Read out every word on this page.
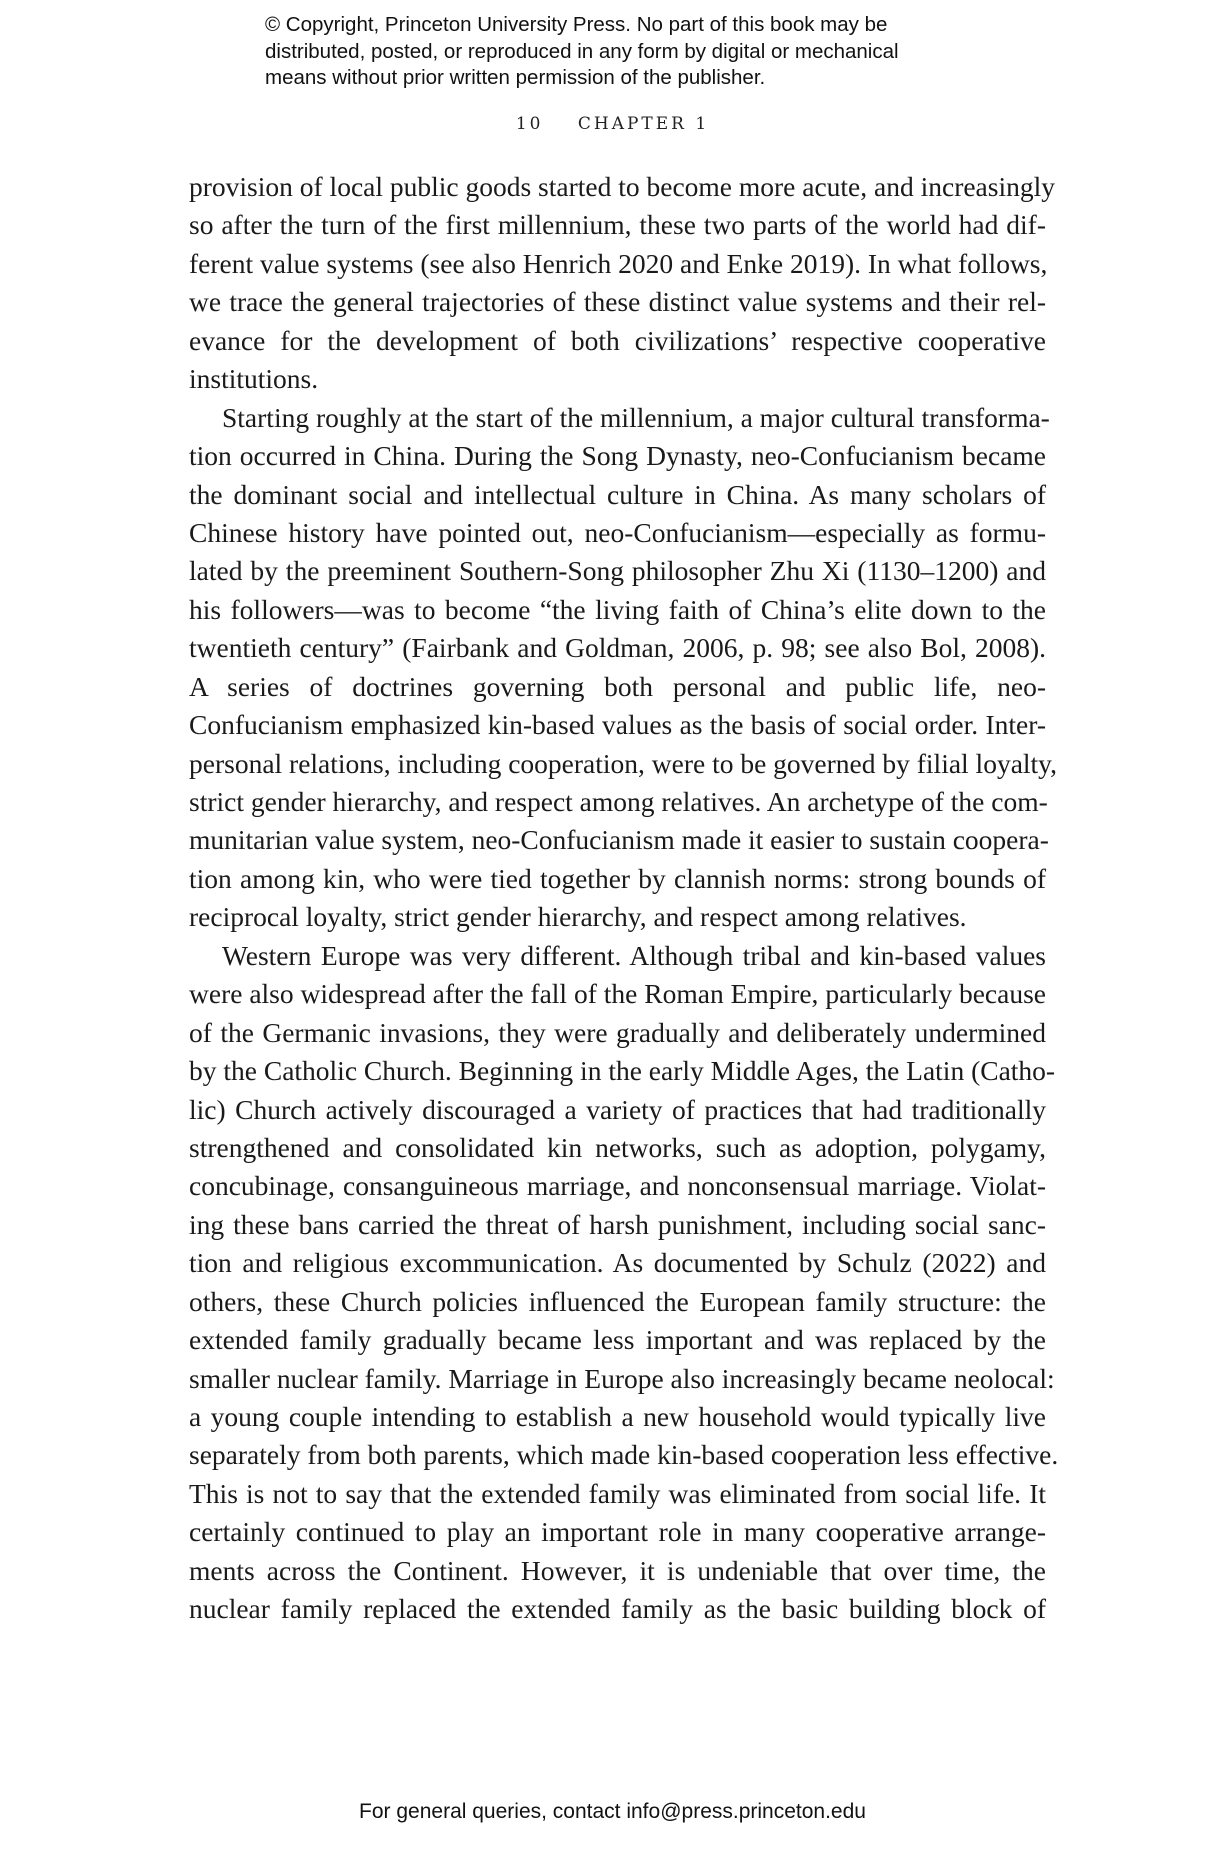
© Copyright, Princeton University Press. No part of this book may be
distributed, posted, or reproduced in any form by digital or mechanical
means without prior written permission of the publisher.
10 CHAPTER 1
provision of local public goods started to become more acute, and increasingly
so after the turn of the first millennium, these two parts of the world had dif-
ferent value systems (see also Henrich 2020 and Enke 2019). In what follows,
we trace the general trajectories of these distinct value systems and their rel-
evance for the development of both civilizations’ respective cooperative
institutions.
Starting roughly at the start of the millennium, a major cultural transforma-
tion occurred in China. During the Song Dynasty, neo-Confucianism became
the dominant social and intellectual culture in China. As many scholars of
Chinese history have pointed out, neo-Confucianism—especially as formu-
lated by the preeminent Southern-Song philosopher Zhu Xi (1130–1200) and
his followers—was to become “the living faith of China’s elite down to the
twentieth century” (Fairbank and Goldman, 2006, p. 98; see also Bol, 2008).
A series of doctrines governing both personal and public life, neo-
Confucianism emphasized kin-based values as the basis of social order. Inter-
personal relations, including cooperation, were to be governed by filial loyalty,
strict gender hierarchy, and respect among relatives. An archetype of the com-
munitarian value system, neo-Confucianism made it easier to sustain coopera-
tion among kin, who were tied together by clannish norms: strong bounds of
reciprocal loyalty, strict gender hierarchy, and respect among relatives.
Western Europe was very different. Although tribal and kin-based values
were also widespread after the fall of the Roman Empire, particularly because
of the Germanic invasions, they were gradually and deliberately undermined
by the Catholic Church. Beginning in the early Middle Ages, the Latin (Catho-
lic) Church actively discouraged a variety of practices that had traditionally
strengthened and consolidated kin networks, such as adoption, polygamy,
concubinage, consanguineous marriage, and nonconsensual marriage. Violat-
ing these bans carried the threat of harsh punishment, including social sanc-
tion and religious excommunication. As documented by Schulz (2022) and
others, these Church policies influenced the European family structure: the
extended family gradually became less important and was replaced by the
smaller nuclear family. Marriage in Europe also increasingly became neolocal:
a young couple intending to establish a new household would typically live
separately from both parents, which made kin-based cooperation less effective.
This is not to say that the extended family was eliminated from social life. It
certainly continued to play an important role in many cooperative arrange-
ments across the Continent. However, it is undeniable that over time, the
nuclear family replaced the extended family as the basic building block of
For general queries, contact info@press.princeton.edu
